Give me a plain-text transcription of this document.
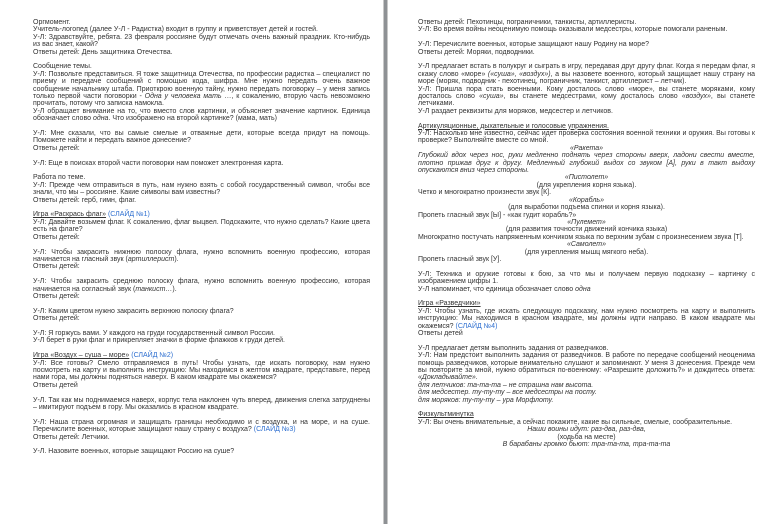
Оргмомент.

Учитель-логопед (далее У-Л - Радистка) входит в группу и приветствует детей и гостей.

У-Л: Здравствуйте, ребята. 23 февраля россияне будут отмечать очень важный праздник. Кто-нибудь из вас знает, какой?

Ответы детей: День защитника Отечества.

Сообщение темы.

У-Л: Позвольте представиться. Я тоже защитница Отечества, по профессии радистка – специалист по приему и передаче сообщений с помощью кода, шифра. Мне нужно передать очень важное сообщение начальнику штаба. Приоткрою военную тайну, нужно передать поговорку – у меня запись только первой части поговорки - Одна у человека мать …, к сожалению, вторую часть невозможно прочитать, потому что записка намокла.

У-Л обращает внимание на то, что вместо слов картинки, и объясняет значение картинок. Единица обозначает слово одна. Что изображено на второй картинке? (мама, мать)

У-Л: Мне сказали, что вы самые смелые и отважные дети, которые всегда придут на помощь. Поможете найти и передать важное донесение?

Ответы детей:

У-Л: Еще в поисках второй части поговорки нам поможет электронная карта.

Работа по теме.

У-Л: Прежде чем отправиться в путь, нам нужно взять с собой государственный символ, чтобы все знали, что мы – россияне. Какие символы вам известны?

Ответы детей: герб, гимн, флаг.

Игра «Раскрась флаг» (СЛАЙД №1)

У-Л: Давайте возьмем флаг. К сожалению, флаг выцвел. Подскажите, что нужно сделать? Какие цвета есть на флаге?

Ответы детей:

У-Л: Чтобы закрасить нижнюю полоску флага, нужно вспомнить военную профессию, которая начинается на гласный звук (артиллерист).

Ответы детей:

У-Л: Чтобы закрасить среднюю полоску флага, нужно вспомнить военную профессию, которая начинается на согласный звук (танкист…).

Ответы детей:

У-Л: Каким цветом нужно закрасить верхнюю полоску флага?

Ответы детей:

У-Л: Я горжусь вами. У каждого на груди государственный символ России.

У-Л берет в руки флаг и прикрепляет значки в форме флажков к груди детей.

Игра «Воздух – суша – море» (СЛАЙД №2)

У-Л: Все готовы? Смело отправляемся в путь! Чтобы узнать, где искать поговорку, нам нужно посмотреть на карту и выполнить инструкцию: Мы находимся в желтом квадрате, представьте, перед нами гора, мы должны подняться наверх. В каком квадрате мы окажемся?

Ответы детей

У-Л. Так как мы поднимаемся наверх, корпус тела наклонен чуть вперед, движения слегка затруднены – имитируют подъем в гору. Мы оказались в красном квадрате.

У-Л: Наша страна огромная и защищать границы необходимо и с воздуха, и на море, и на суше. Перечислите военных, которые защищают нашу страну с воздуха? (СЛАЙД №3)

Ответы детей: Летчики.

У-Л. Назовите военных, которые защищают Россию на суше?

Ответы детей: Пехотинцы, пограничники, танкисты, артиллеристы.

У-Л: Во время войны неоценимую помощь оказывали медсестры, которые помогали раненым.

У-Л: Перечислите военных, которые защищают нашу Родину на море?

Ответы детей: Моряки, подводники.

У-Л предлагает встать в полукруг и сыграть в игру, передавая друг другу флаг. Когда я передам флаг, я скажу слово «море» («суша», «воздух»), а вы назовете военного, который защищает нашу страну на море (моряк, подводник - пехотинец, пограничник, танкист, артиллерист – летчик).

У-Л: Пришла пора стать военными. Кому досталось слово «море», вы станете моряками, кому досталось слово «суша», вы станете медсестрами, кому досталось слово «воздух», вы станете летчиками.

У-Л раздает реквизиты для моряков, медсестер и летчиков.

Артикуляционные, дыхательные и голосовые упражнения.

У-Л: Насколько мне известно, сейчас идет проверка состояния военной техники и оружия. Вы готовы к проверке? Выполняйте вместе со мной.

«Ракета»

Глубокий вдох через нос, руки медленно поднять через стороны вверх, ладони свести вместе, плотно прижав друг к другу. Медленный глубокий выдох со звуком [А], руки в такт выдоху опускаются вниз через стороны.

«Пистолет»

(для укрепления корня языка).

Четко и многократно произнести звук [К].

«Корабль»

(для выработки подъема спинки и корня языка).

Пропеть гласный звук [Ы] - «как гудит корабль?»

«Пулемет»

(для развития точности движений кончика языка)

Многократно постучать напряженным кончиком языка по верхним зубам с произнесением звука [Т].

«Самолет»

(для укрепления мышц мягкого неба).

Пропеть гласный звук [У].

У-Л: Техника и оружие готовы к бою, за что мы и получаем первую подсказку – картинку с изображением цифры 1.

У-Л напоминает, что единица обозначает слово одна

Игра «Разведчики»

У-Л: Чтобы узнать, где искать следующую подсказку, нам нужно посмотреть на карту и выполнить инструкцию: Мы находимся в красном квадрате, мы должны идти направо. В каком квадрате мы окажемся? (СЛАЙД №4)

Ответы детей

У-Л предлагает детям выполнить задания от разведчиков.

У-Л: Нам предстоит выполнить задания от разведчиков. В работе по передаче сообщений неоценима помощь разведчиков, которые внимательно слушают и запоминают. У меня 3 донесения. Прежде чем вы повторите за мной, нужно обратиться по-военному: «Разрешите доложить?» и дождитесь ответа: «Докладывайте».

для летчиков: та-та-та – не страшна нам высота.

для медсестер. ту-ту-ту – все медсестры на посту.

для моряков: ту-ту-ту – ура Морфлоту.

Физкультминутка

У-Л: Вы очень внимательные, а сейчас покажите, какие вы сильные, смелые, сообразительные.

Наши воины идут: раз-два, раз-два,

(ходьба на месте)

В барабаны громко бьют: тра-та-та, тра-та-та
